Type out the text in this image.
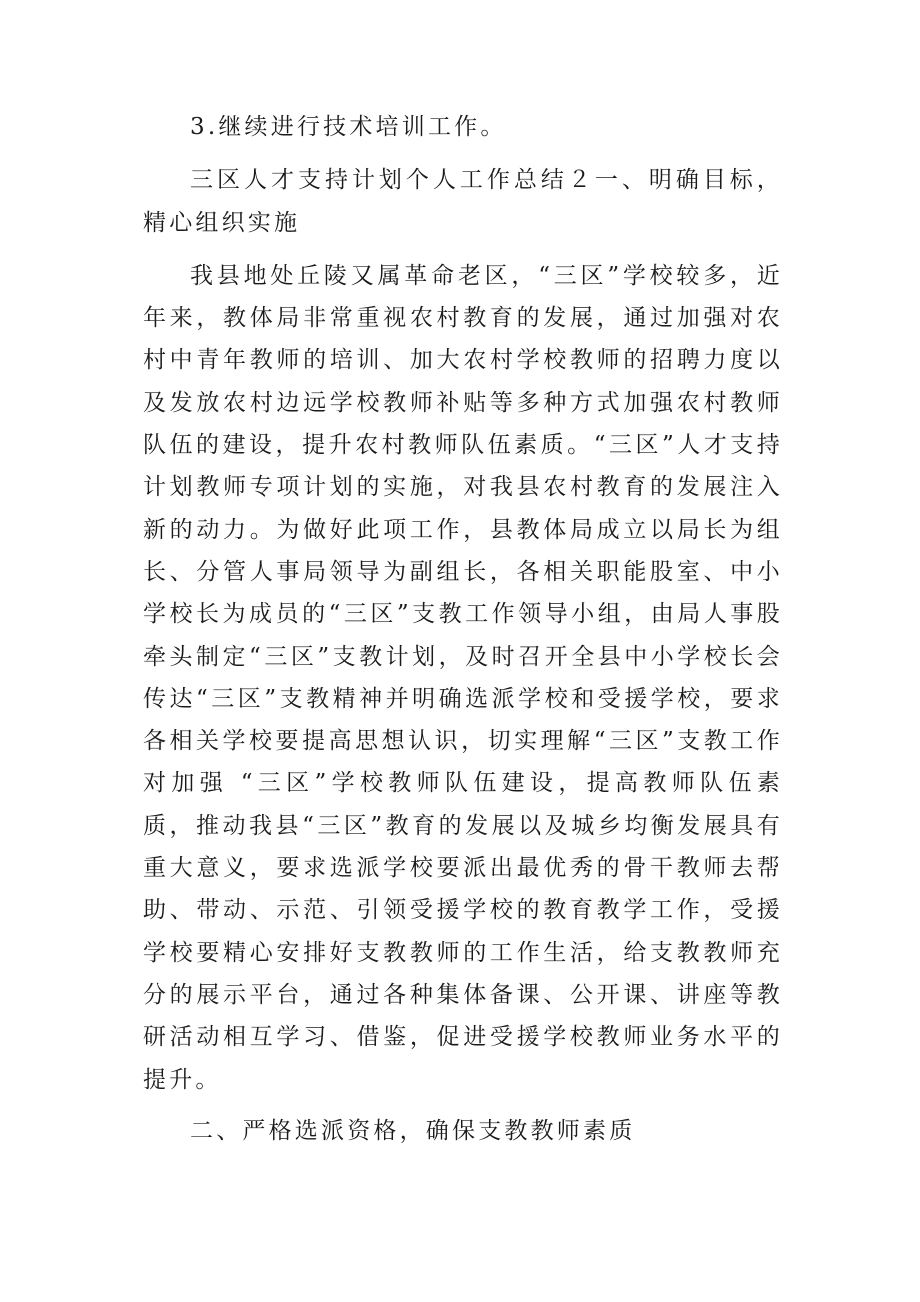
3.继续进行技术培训工作。

三区人才支持计划个人工作总结２一、明确目标，精心组织实施

我县地处丘陵又属革命老区，“三区”学校较多，近年来，教体局非常重视农村教育的发展，通过加强对农村中青年教师的培训、加大农村学校教师的招聘力度以及发放农村边远学校教师补贴等多种方式加强农村教师队伍的建设，提升农村教师队伍素质。“三区”人才支持计划教师专项计划的实施，对我县农村教育的发展注入新的动力。为做好此项工作，县教体局成立以局长为组长、分管人事局领导为副组长，各相关职能股室、中小学校长为成员的“三区”支教工作领导小组，由局人事股牵头制定“三区”支教计划，及时召开全县中小学校长会传达“三区”支教精神并明确选派学校和受援学校，要求各相关学校要提高思想认识，切实理解“三区”支教工作对加强 “三区”学校教师队伍建设，提高教师队伍素质，推动我县“三区”教育的发展以及城乡均衡发展具有重大意义，要求选派学校要派出最优秀的骨干教师去帮助、带动、示范、引领受援学校的教育教学工作，受援学校要精心安排好支教教师的工作生活，给支教教师充分的展示平台，通过各种集体备课、公开课、讲座等教研活动相互学习、借鉴，促进受援学校教师业务水平的提升。

二、严格选派资格，确保支教教师素质
